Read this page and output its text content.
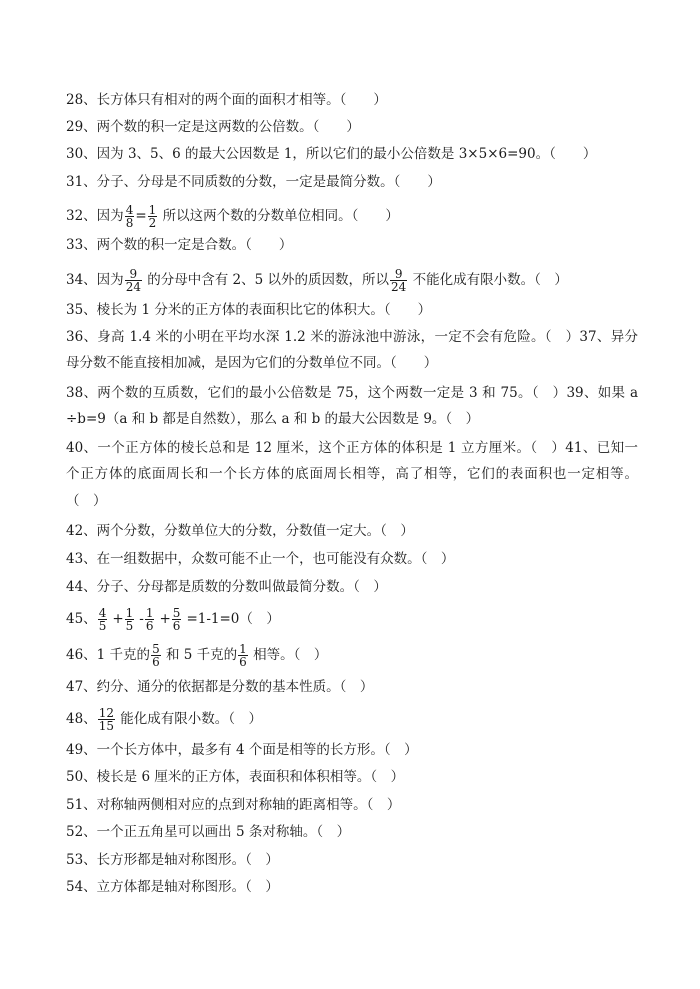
28、长方体只有相对的两个面的面积才相等。（　　）
29、两个数的积一定是这两数的公倍数。（　　）
30、因为 3、5、6 的最大公因数是 1，所以它们的最小公倍数是 3×5×6=90。（　　）
31、分子、分母是不同质数的分数，一定是最简分数。（　　）
32、因为 $\frac{4}{8} = \frac{1}{2}$ 所以这两个数的分数单位相同。（　　）
33、两个数的积一定是合数。（　　）
34、因为 $\frac{9}{24}$ 的分母中含有 2、5 以外的质因数，所以 $\frac{9}{24}$ 不能化成有限小数。（　）
35、棱长为 1 分米的正方体的表面积比它的体积大。（　　）
36、身高 1.4 米的小明在平均水深 1.2 米的游泳池中游泳，一定不会有危险。（　）37、异分
母分数不能直接相加减，是因为它们的分数单位不同。（　　）
38、两个数的互质数，它们的最小公倍数是 75，这个两数一定是 3 和 75。（　）39、如果 a
÷b=9（a 和 b 都是自然数），那么 a 和 b 的最大公因数是 9。（　）
40、一个正方体的棱长总和是 12 厘米，这个正方体的体积是 1 立方厘米。（　）41、已知一
个正方体的底面周长和一个长方体的底面周长相等，高了相等，它们的表面积也一定相等。
（　）
42、两个分数，分数单位大的分数，分数值一定大。（　）
43、在一组数据中，众数可能不止一个，也可能没有众数。（　）
44、分子、分母都是质数的分数叫做最简分数。（　）
45、 $\frac{4}{5} + \frac{1}{5} - \frac{1}{6} + \frac{5}{6} =1-1=0$（　）
46、1 千克的 $\frac{5}{6}$ 和 5 千克的 $\frac{1}{6}$ 相等。（　）
47、约分、通分的依据都是分数的基本性质。（　）
48、 $\frac{12}{15}$ 能化成有限小数。（　）
49、一个长方体中，最多有 4 个面是相等的长方形。（　）
50、棱长是 6 厘米的正方体，表面积和体积相等。（　）
51、对称轴两侧相对应的点到对称轴的距离相等。（　）
52、一个正五角星可以画出 5 条对称轴。（　）
53、长方形都是轴对称图形。（　）
54、立方体都是轴对称图形。（　）
